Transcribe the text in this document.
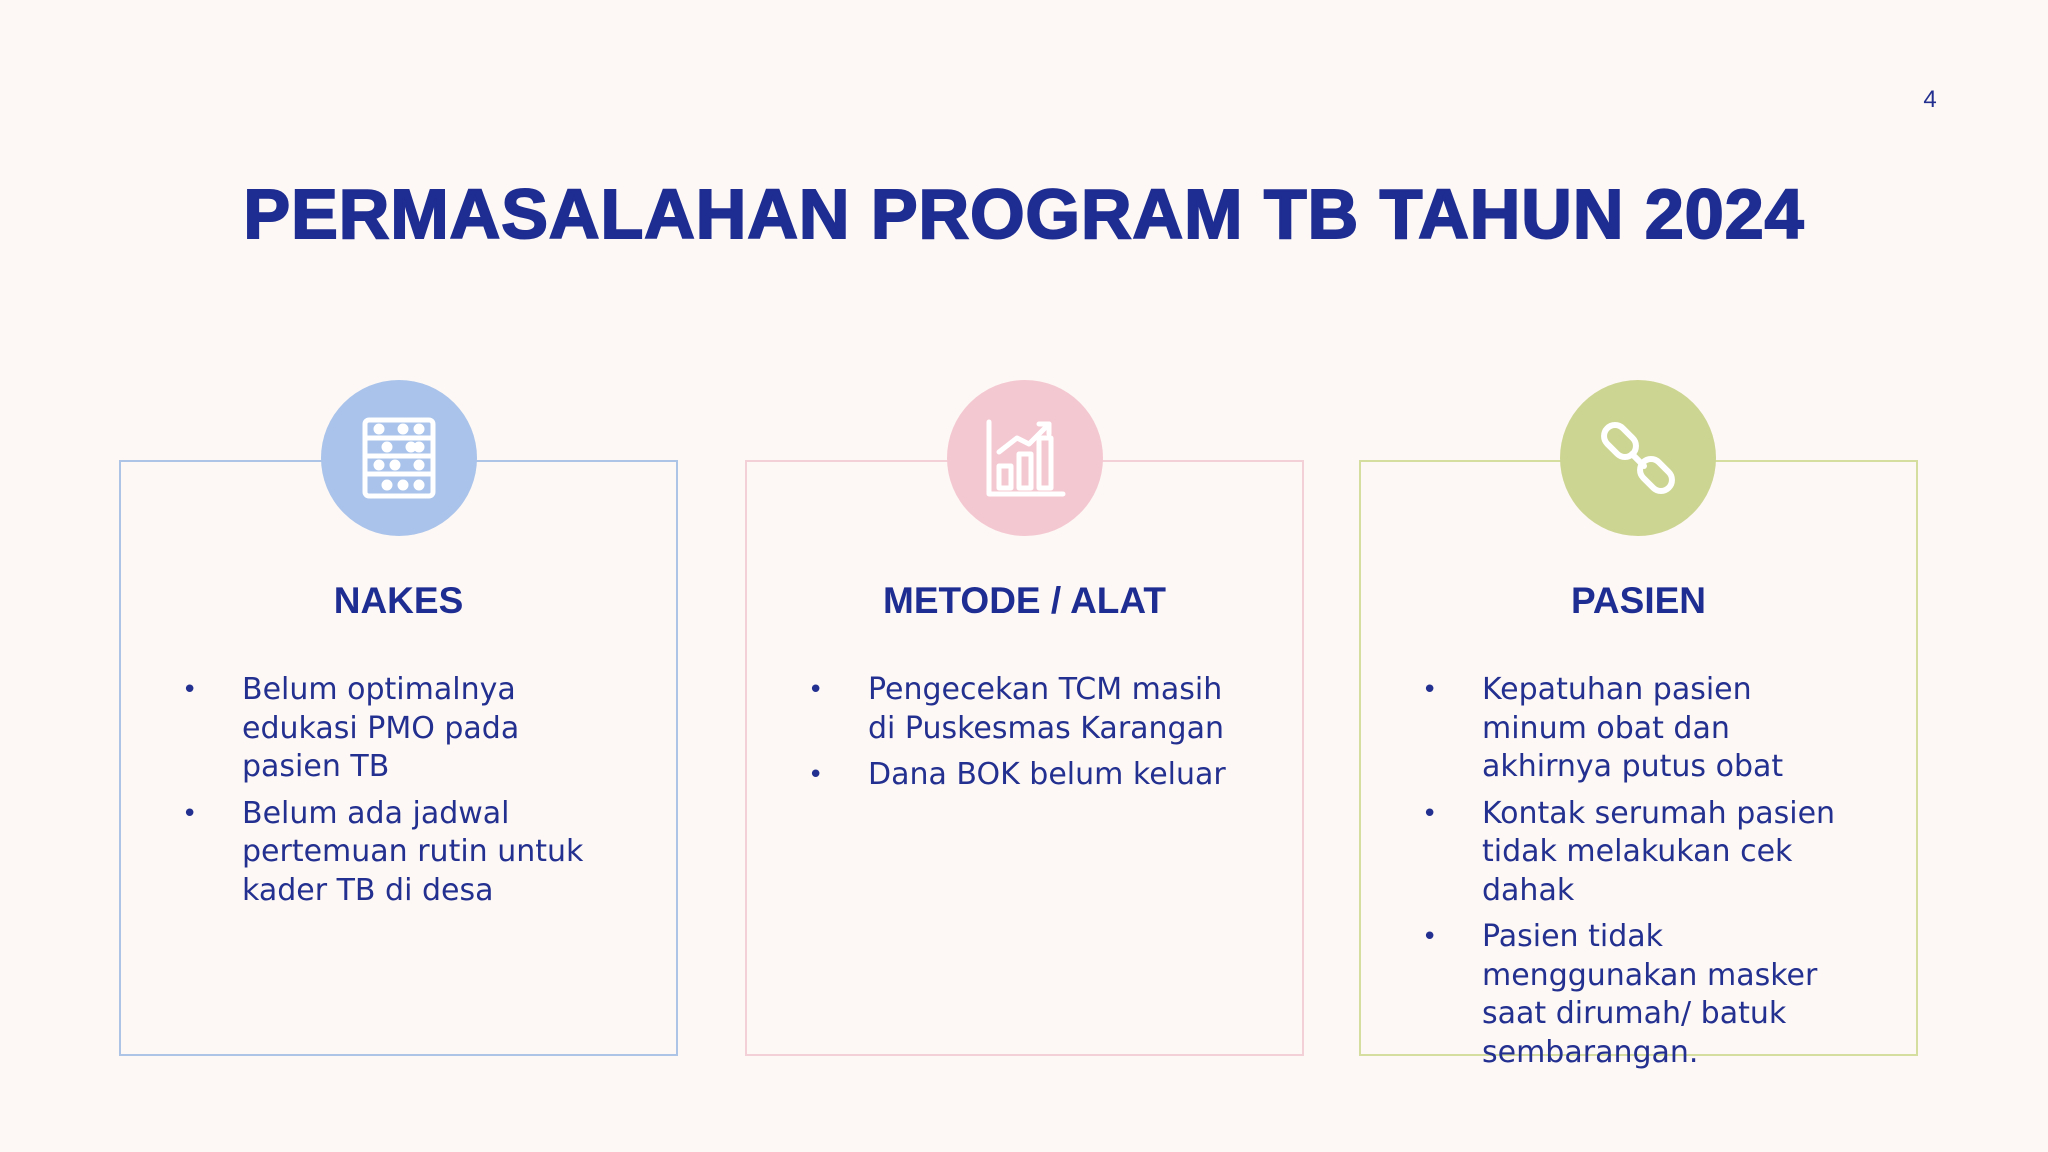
4
PERMASALAHAN PROGRAM TB TAHUN 2024
NAKES
• Belum optimalnya edukasi PMO pada pasien TB
• Belum ada jadwal pertemuan rutin untuk kader TB di desa
METODE / ALAT
• Pengecekan TCM masih di Puskesmas Karangan
• Dana BOK belum keluar
PASIEN
• Kepatuhan pasien minum obat dan akhirnya putus obat
• Kontak serumah pasien tidak melakukan cek dahak
• Pasien tidak menggunakan masker saat dirumah/ batuk sembarangan.
